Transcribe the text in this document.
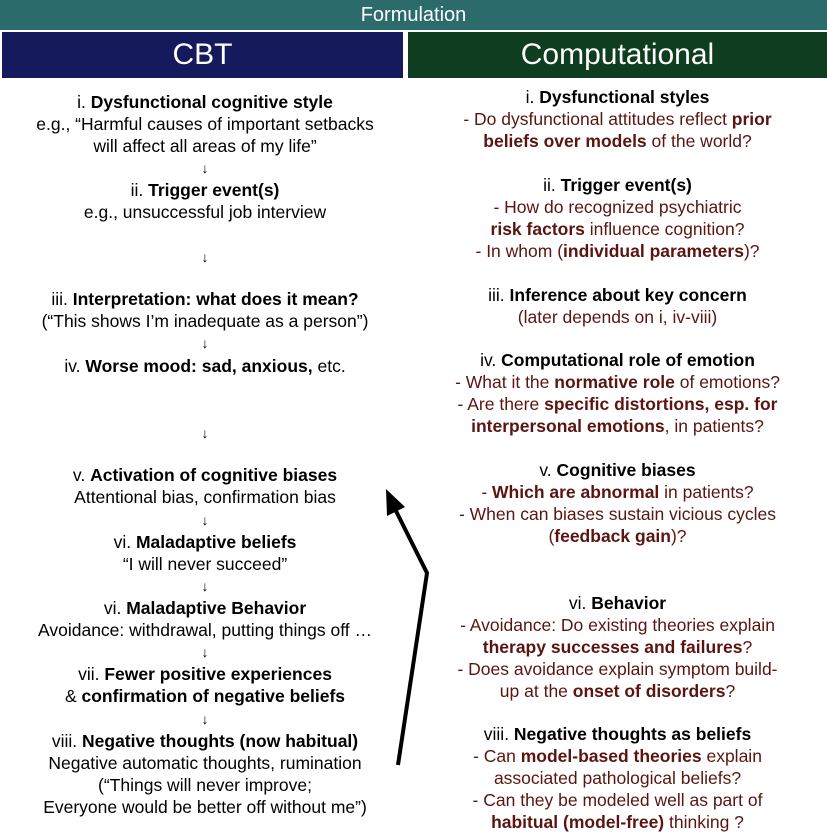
Formulation
CBT	Computational
i. Dysfunctional cognitive style
e.g., “Harmful causes of important setbacks
will affect all areas of my life”
↓
ii. Trigger event(s)
e.g., unsuccessful job interview
↓
iii. Interpretation: what does it mean?
(“This shows I’m inadequate as a person”)
↓
iv. Worse mood: sad, anxious, etc.
↓
v. Activation of cognitive biases
Attentional bias, confirmation bias
↓
vi. Maladaptive beliefs
“I will never succeed”
↓
vi. Maladaptive Behavior
Avoidance: withdrawal, putting things off …
↓
vii. Fewer positive experiences
& confirmation of negative beliefs
↓
viii. Negative thoughts (now habitual)
Negative automatic thoughts, rumination
(“Things will never improve;
Everyone would be better off without me”)
i. Dysfunctional styles
- Do dysfunctional attitudes reflect prior
beliefs over models of the world?
ii. Trigger event(s)
- How do recognized psychiatric
risk factors influence cognition?
- In whom (individual parameters)?
iii. Inference about key concern
(later depends on i, iv-viii)
iv. Computational role of emotion
- What it the normative role of emotions?
- Are there specific distortions, esp. for
interpersonal emotions, in patients?
v. Cognitive biases
- Which are abnormal in patients?
- When can biases sustain vicious cycles
(feedback gain)?
vi. Behavior
- Avoidance: Do existing theories explain
therapy successes and failures?
- Does avoidance explain symptom build-
up at the onset of disorders?
viii. Negative thoughts as beliefs
- Can model-based theories explain
associated pathological beliefs?
- Can they be modeled well as part of
habitual (model-free) thinking ?
